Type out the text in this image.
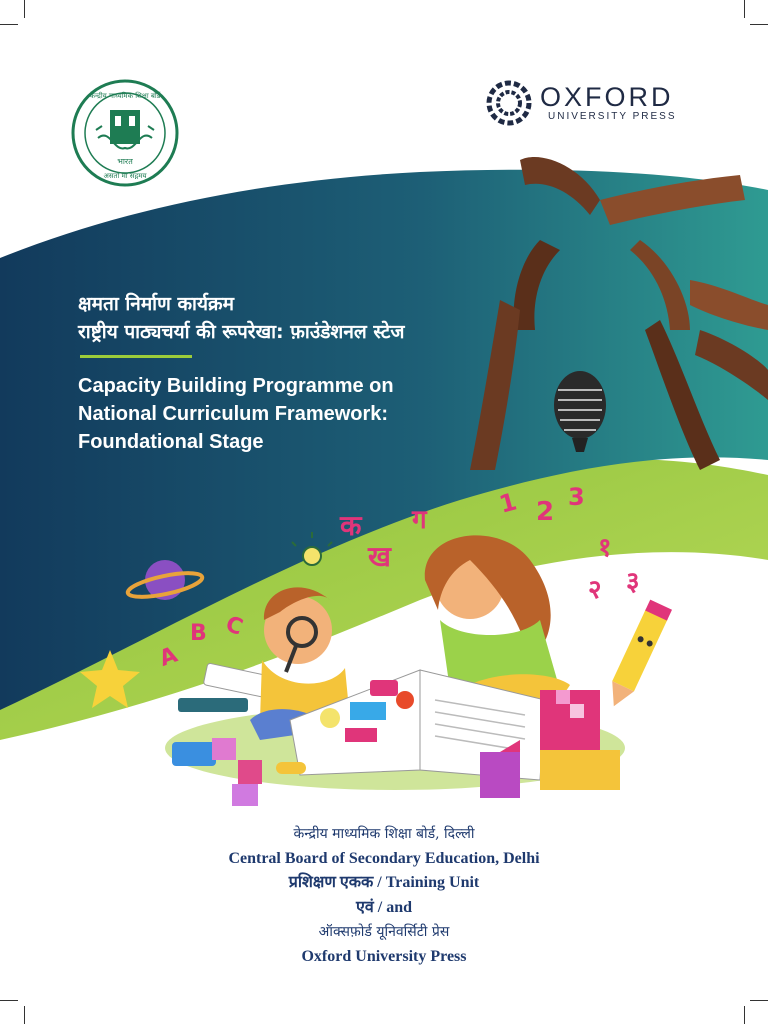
भारत
असतो मा सद्गमय
केन्द्रीय माध्यमिक शिक्षा बोर्ड	OXFORD
UNIVERSITY PRESS
क्षमता निर्माण कार्यक्रम
राष्ट्रीय पाठ्यचर्या की रूपरेखा: फ़ाउंडेशनल स्टेज
Capacity Building Programme on
National Curriculum Framework:
Foundational Stage
क ग
ख
1 2 3
१
२ ३
A
B C
केन्द्रीय माध्यमिक शिक्षा बोर्ड, दिल्ली
Central Board of Secondary Education, Delhi
प्रशिक्षण एकक / Training Unit
एवं / and
ऑक्सफ़ोर्ड यूनिवर्सिटी प्रेस
Oxford University Press
